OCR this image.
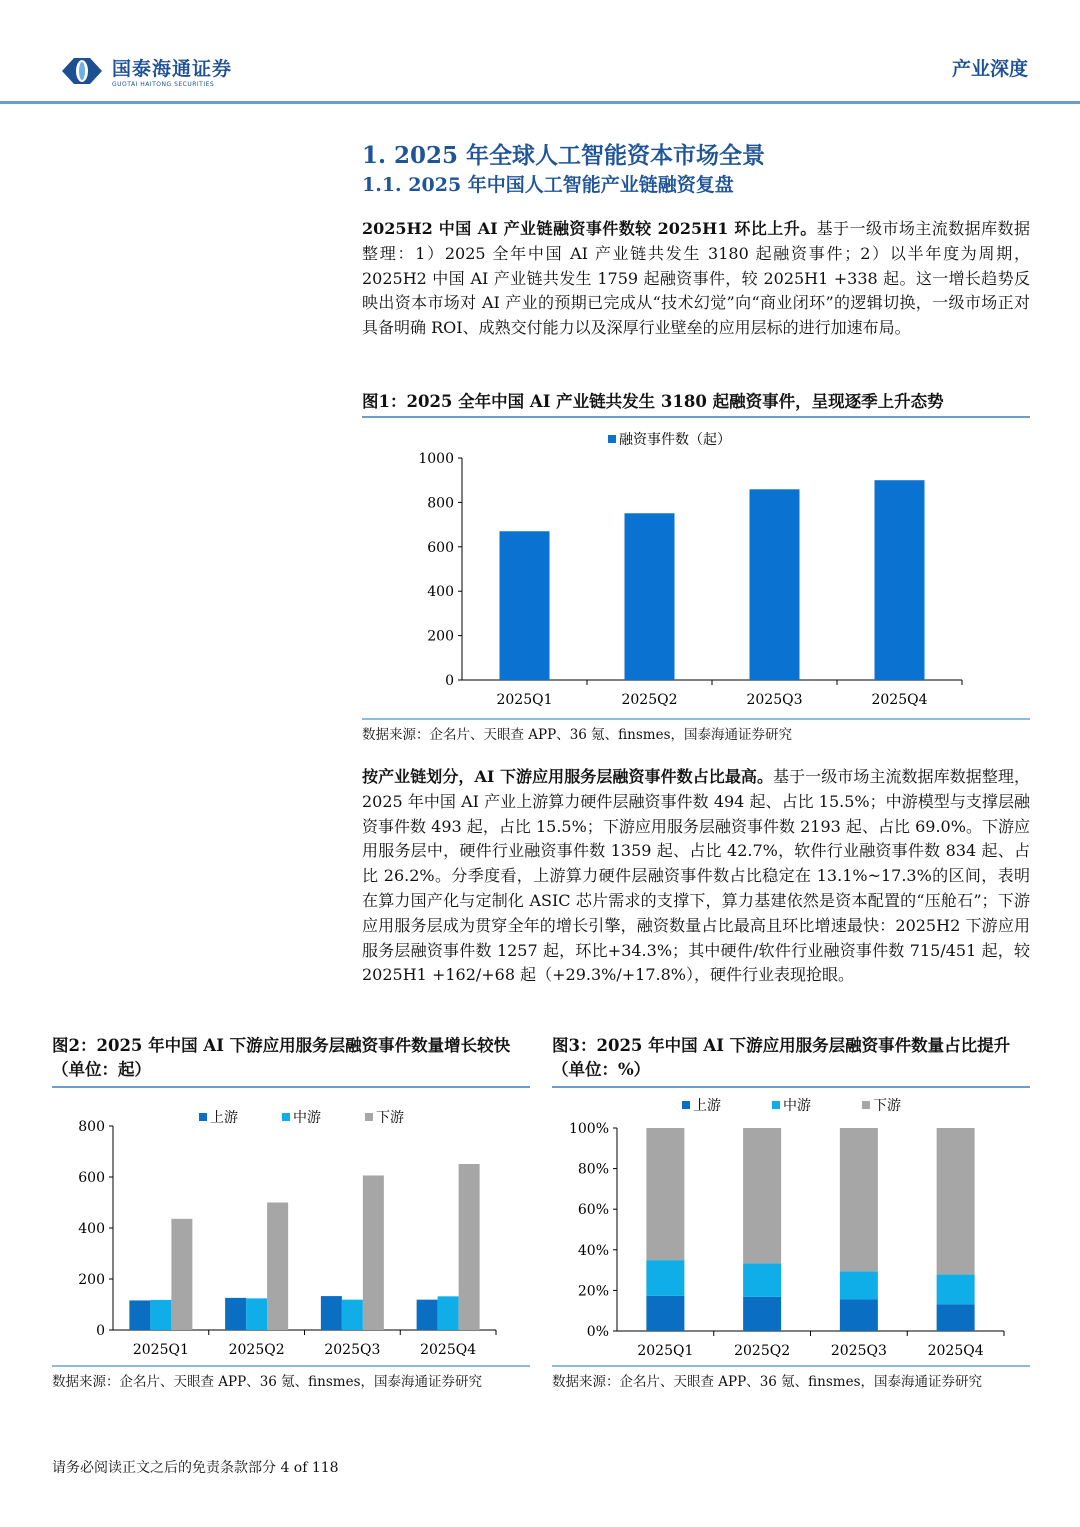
国泰海通证券
GUOTAI HAITONG SECURITIES
产业深度
1. 2025 年全球人工智能资本市场全景
1.1. 2025 年中国人工智能产业链融资复盘
2025H2 中国 AI 产业链融资事件数较 2025H1 环比上升。基于一级市场主流数据库数据整理：1）2025 全年中国 AI 产业链共发生 3180 起融资事件；2）以半年度为周期，2025H2 中国 AI 产业链共发生 1759 起融资事件，较 2025H1 +338 起。这一增长趋势反映出资本市场对 AI 产业的预期已完成从“技术幻觉”向“商业闭环”的逻辑切换，一级市场正对具备明确 ROI、成熟交付能力以及深厚行业壁垒的应用层标的进行加速布局。
图1：2025 全年中国 AI 产业链共发生 3180 起融资事件，呈现逐季上升态势
0
200
400
600
800
1000
2025Q1	2025Q2	2025Q3	2025Q4
融资事件数（起）
数据来源：企名片、天眼查 APP、36 氪、finsmes，国泰海通证券研究
按产业链划分，AI 下游应用服务层融资事件数占比最高。基于一级市场主流数据库数据整理，2025 年中国 AI 产业上游算力硬件层融资事件数 494 起、占比 15.5%；中游模型与支撑层融资事件数 493 起，占比 15.5%；下游应用服务层融资事件数 2193 起、占比 69.0%。下游应用服务层中，硬件行业融资事件数 1359 起、占比 42.7%，软件行业融资事件数 834 起、占比 26.2%。分季度看，上游算力硬件层融资事件数占比稳定在 13.1%~17.3%的区间，表明在算力国产化与定制化 ASIC 芯片需求的支撑下，算力基建依然是资本配置的“压舱石”；下游应用服务层成为贯穿全年的增长引擎，融资数量占比最高且环比增速最快：2025H2 下游应用服务层融资事件数 1257 起，环比+34.3%；其中硬件/软件行业融资事件数 715/451 起，较 2025H1 +162/+68 起（+29.3%/+17.8%），硬件行业表现抢眼。
图2：2025 年中国 AI 下游应用服务层融资事件数量增长较快（单位：起）
0
200
400
600
800
2025Q1	2025Q2	2025Q3	2025Q4
上游	中游	下游
数据来源：企名片、天眼查 APP、36 氪、finsmes，国泰海通证券研究
图3：2025 年中国 AI 下游应用服务层融资事件数量占比提升（单位：%）
0%
20%
40%
60%
80%
100%
2025Q1	2025Q2	2025Q3	2025Q4
上游	中游	下游
数据来源：企名片、天眼查 APP、36 氪、finsmes，国泰海通证券研究
请务必阅读正文之后的免责条款部分 4 of 118
